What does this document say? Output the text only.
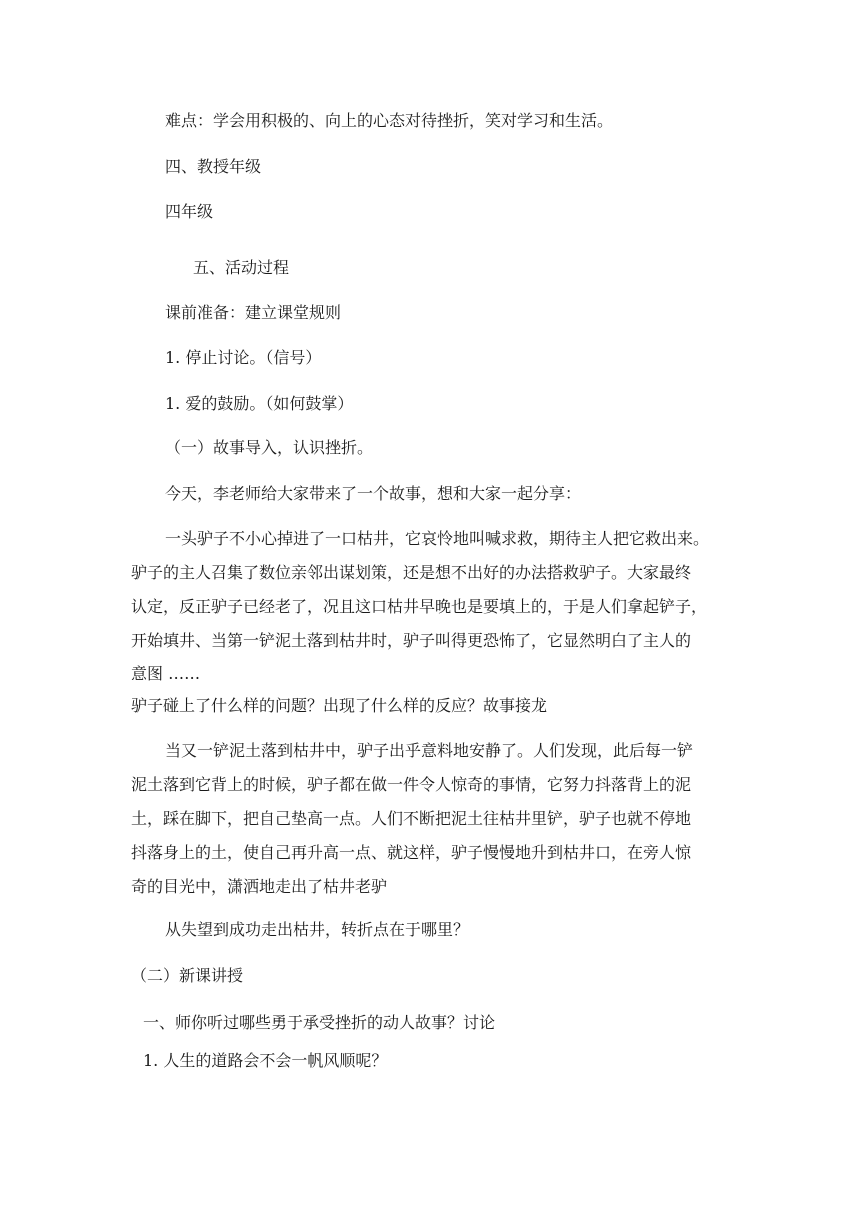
难点：学会用积极的、向上的心态对待挫折，笑对学习和生活。
四、教授年级
四年级
五、活动过程
课前准备：建立课堂规则
1. 停止讨论。（信号）
1. 爱的鼓励。（如何鼓掌）
（一）故事导入，认识挫折。
今天，李老师给大家带来了一个故事，想和大家一起分享：
一头驴子不小心掉进了一口枯井，它哀怜地叫喊求救，期待主人把它救出来。
驴子的主人召集了数位亲邻出谋划策，还是想不出好的办法搭救驴子。大家最终
认定，反正驴子已经老了，况且这口枯井早晚也是要填上的，于是人们拿起铲子，
开始填井、当第一铲泥土落到枯井时，驴子叫得更恐怖了，它显然明白了主人的
意图 ……
驴子碰上了什么样的问题？出现了什么样的反应？故事接龙
当又一铲泥土落到枯井中，驴子出乎意料地安静了。人们发现，此后每一铲
泥土落到它背上的时候，驴子都在做一件令人惊奇的事情，它努力抖落背上的泥
土，踩在脚下，把自己垫高一点。人们不断把泥土往枯井里铲，驴子也就不停地
抖落身上的土，使自己再升高一点、就这样，驴子慢慢地升到枯井口，在旁人惊
奇的目光中，潇洒地走出了枯井老驴
从失望到成功走出枯井，转折点在于哪里？
（二）新课讲授
一、师你听过哪些勇于承受挫折的动人故事？讨论
1. 人生的道路会不会一帆风顺呢？
